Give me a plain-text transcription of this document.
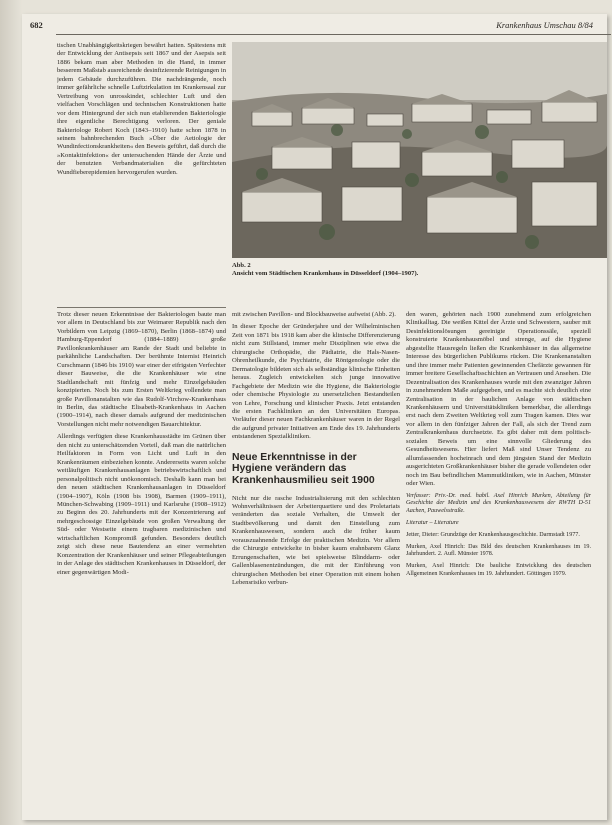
682	Krankenhaus Umschau 8/84

tischen Unabhängigkeitskriegen bewährt hatten. Spätestens mit der Entwicklung der Antisepsis seit 1867 und der Asepsis seit 1886 bekam man aber Methoden in die Hand, in immer besserem Maßstab ausreichende desinfizierende Reinigungen in jedem Gebäude durchzuführen. Die nachdrängende, noch immer gefährliche schnelle Luftzirkulation im Krankensaal zur Vertreibung von unrosskindet, schlechter Luft und den vielfachen Vorschlägen und technischen Konstruktionen hatte vor dem Hintergrund der sich nun etablierenden Bakteriologie ihre eigentliche Berechtigung verloren. Der geniale Bakteriologe Robert Koch (1843–1910) hatte schon 1878 in seinem bahnbrechenden Buch »Über die Aetiologie der Wundinfectionskrankheiten« den Beweis geführt, daß durch die »Kontaktinfektion« der untersuchenden Hände der Ärzte und der benutzten Verbandmaterialien die gefürchteten Wundfieberepidemien hervorgerufen wurden.

Abb. 2
Ansicht vom Städtischen Krankenhaus in Düsseldorf (1904–1907).

Trotz dieser neuen Erkenntnisse der Bakteriologen baute man vor allem in Deutschland bis zur Weimarer Republik nach den Vorbildern von Leipzig (1869–1870), Berlin (1868–1874) und Hamburg-Eppendorf (1884–1889) große Pavillonkrankenhäuser am Rande der Stadt und beliebte in parkähnliche Landschaften. Der berühmte Internist Heinrich Curschmann (1846 bis 1910) war einer der eifrigsten Verfechter dieser Bauweise, die die Krankenhäuser wie eine Stadtlandschaft mit fünfzig und mehr Einzelgebäuden konzipierten. Noch bis zum Ersten Weltkrieg vollendete man große Pavillonanstalten wie das Rudolf-Virchow-Krankenhaus in Berlin, das städtische Elisabeth-Krankenhaus in Aachen (1900–1914), nach dieser damals aufgrund der medizinischen Vorstellungen nicht mehr notwendigen Bauarchitektur.

Allerdings verfügten diese Krankenhausstädte im Grünen über den nicht zu unterschätzenden Vorteil, daß man die natürlichen Heilfaktoren in Form von Licht und Luft in den Krankenräumen einbeziehen konnte. Andererseits waren solche weitläufigen Krankenhausanlagen betriebswirtschaftlich und personalpolitisch nicht unökonomisch. Deshalb kann man bei den neuen städtischen Krankenhausanlagen in Düsseldorf (1904–1907), Köln (1908 bis 1908), Barmen (1909–1911), München-Schwabing (1909–1911) und Karlsruhe (1908–1912) zu Beginn des 20. Jahrhunderts mit der Konzentrierung auf mehrgeschossige Einzelgebäude von großen Verwaltung der Süd- oder Westseite einem tragbaren medizinischen und wirtschaftlichen Kompromiß gefunden. Besonders deutlich zeigt sich diese neue Bautendenz an einer vermehrten Konzentration der Krankenhäuser und seiner Pflegeabteilungen in der Anlage des städtischen Krankenhauses in Düsseldorf, der einer gegenwärtigen Modi-

mit zwischen Pavillon- und Blockbauweise aufweist (Abb. 2).

In dieser Epoche der Gründerjahre und der Wilhelminischen Zeit von 1871 bis 1918 kam aber die klinische Differenzierung nicht zum Stillstand, immer mehr Disziplinen wie etwa die chirurgische Orthopädie, die Pädiatrie, die Hals-Nasen-Ohrenheilkunde, die Psychiatrie, die Röntgenologie oder die Dermatologie bildeten sich als selbständige klinische Einheiten heraus. Zugleich entwickelten sich junge innovative Fachgebiete der Medizin wie die Hygiene, die Bakteriologie oder chemische Physiologie zu unersetzlichen Bestandteilen von Lehre, Forschung und klinischer Praxis. Jetzt entstanden die ersten Fachkliniken an den Universitäten Europas. Vorläufer dieser neuen Fachkrankenhäuser waren in der Regel die aufgrund privater Initiativen am Ende des 19. Jahrhunderts entstandenen Spezialkliniken.

Neue Erkenntnisse in der Hygiene verändern das Krankenhausmilieu seit 1900

Nicht nur die rasche Industrialisierung mit den schlechten Wohnverhältnissen der Arbeiterquartiere und des Proletariats veränderten das soziale Verhalten, die Umwelt der Stadtbevölkerung und damit den Einstellung zum Krankenhauswesen, sondern auch die früher kaum vorauszuahnende Erfolge der praktischen Medizin. Vor allem die Chirurgie entwickelte in bisher kaum erahnbarem Glanz Errungenschaften, wie bei spielsweise Blinddarm- oder Gallenblasenentzündungen, die mit der Einführung von chirurgischen Methoden bei einer Operation mit einem hohen Lebensrisiko verbun-

den waren, gehörten nach 1900 zunehmend zum erfolgreichen Klinikalltag. Die weißen Kittel der Ärzte und Schwestern, sauber mit Desinfektionslösungen gereinigte Operationssäle, speziell konstruierte Krankenhausmöbel und strenge, auf die Hygiene abgestellte Hausregeln ließen die Krankenhäuser in das allgemeine Interesse des bürgerlichen Publikums rücken. Die Krankenanstalten und ihre immer mehr Patienten gewinnenden Chefärzte gewannen für immer breitere Gesellschaftsschichten an Vertrauen und Ansehen. Die Dezentralisation des Krankenhauses wurde mit den zwanziger Jahren in zunehmendem Maße aufgegeben, und es machte sich deutlich eine Zentralisation in der baulichen Anlage von städtischen Krankenhäusern und Universitätskliniken bemerkbar, die allerdings erst nach dem Zweiten Weltkrieg voll zum Tragen kamen. Dies war vor allem in den fünfziger Jahren der Fall, als sich der Trend zum Zentralkrankenhaus durchsetzte. Es gibt daher mit dem politisch-sozialen Beweis um eine sinnvolle Gliederung des Gesundheitswesens. Hier liefert Maß sind Unser Tendenz zu allumfassenden hocheinrach und dem jüngsten Stand der Medizin ausgerichteten Großkrankenhäuser bisher die gerade vollendeten oder noch im Bau befindlichen Mammutkliniken, wie in Aachen, Münster oder Wien.

Verfasser: Priv.-Dr. med. habil. Axel Hinrich Murken, Abteilung für Geschichte der Medizin und des Krankenhauswesens der RWTH D-51 Aachen, Pauwelsstraße.

Literatur – Literature

Jetter, Dieter: Grundzüge der Krankenhausgeschichte. Darmstadt 1977.

Murken, Axel Hinrich: Das Bild des deutschen Krankenhauses im 19. Jahrhundert. 2. Aufl. Münster 1978.

Murken, Axel Hinrich: Die bauliche Entwicklung des deutschen Allgemeinen Krankenhauses im 19. Jahrhundert. Göttingen 1979.
